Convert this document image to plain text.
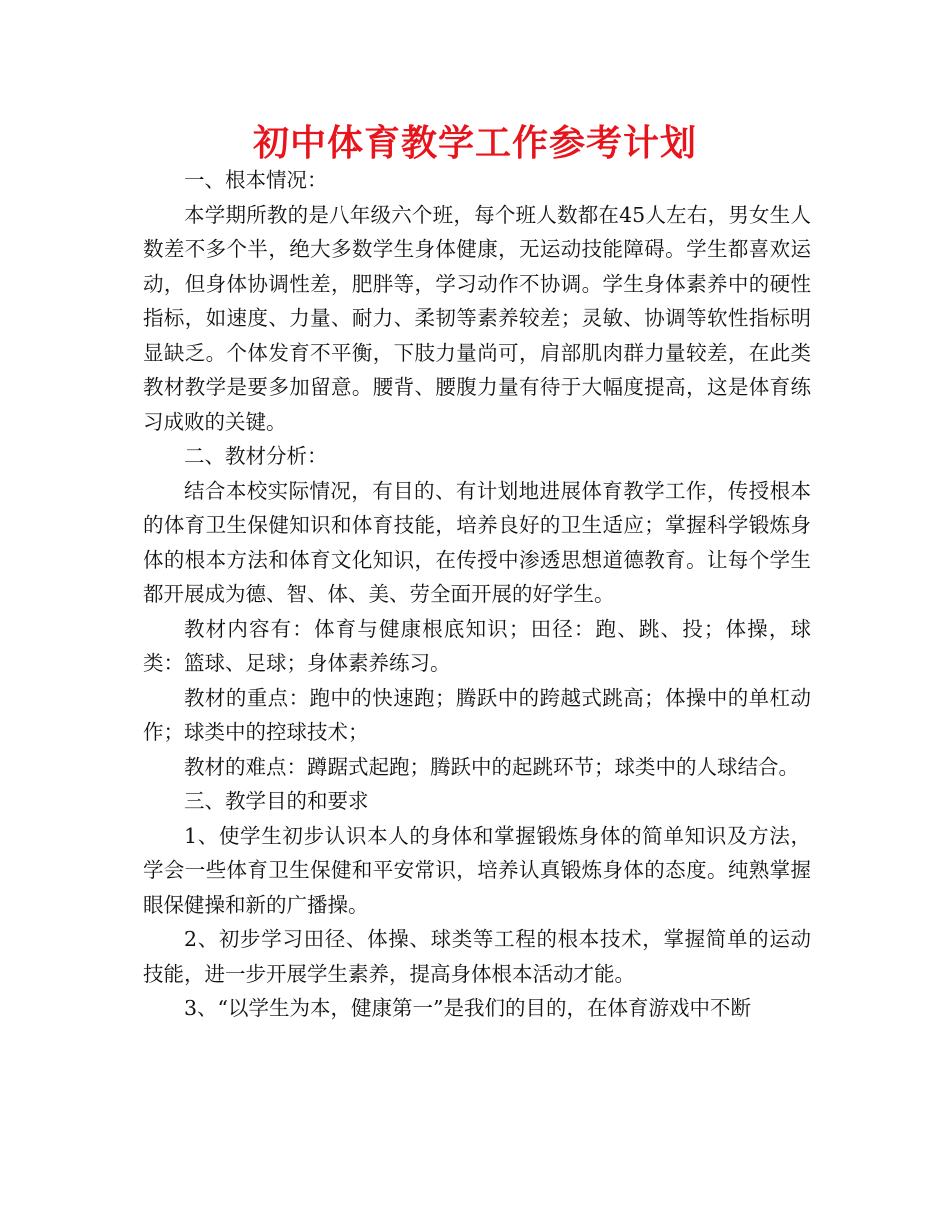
初中体育教学工作参考计划

一、根本情况：

本学期所教的是八年级六个班，每个班人数都在45人左右，男女生人数差不多个半，绝大多数学生身体健康，无运动技能障碍。学生都喜欢运动，但身体协调性差，肥胖等，学习动作不协调。学生身体素养中的硬性指标，如速度、力量、耐力、柔韧等素养较差；灵敏、协调等软性指标明显缺乏。个体发育不平衡，下肢力量尚可，肩部肌肉群力量较差，在此类教材教学是要多加留意。腰背、腰腹力量有待于大幅度提高，这是体育练习成败的关键。

二、教材分析：

结合本校实际情况，有目的、有计划地进展体育教学工作，传授根本的体育卫生保健知识和体育技能，培养良好的卫生适应；掌握科学锻炼身体的根本方法和体育文化知识，在传授中渗透思想道德教育。让每个学生都开展成为德、智、体、美、劳全面开展的好学生。

教材内容有：体育与健康根底知识；田径：跑、跳、投；体操，球类：篮球、足球；身体素养练习。

教材的重点：跑中的快速跑；腾跃中的跨越式跳高；体操中的单杠动作；球类中的控球技术；

教材的难点：蹲踞式起跑；腾跃中的起跳环节；球类中的人球结合。

三、教学目的和要求

1、使学生初步认识本人的身体和掌握锻炼身体的简单知识及方法，学会一些体育卫生保健和平安常识，培养认真锻炼身体的态度。纯熟掌握眼保健操和新的广播操。

2、初步学习田径、体操、球类等工程的根本技术，掌握简单的运动技能，进一步开展学生素养，提高身体根本活动才能。

3、“以学生为本，健康第一”是我们的目的，在体育游戏中不断
